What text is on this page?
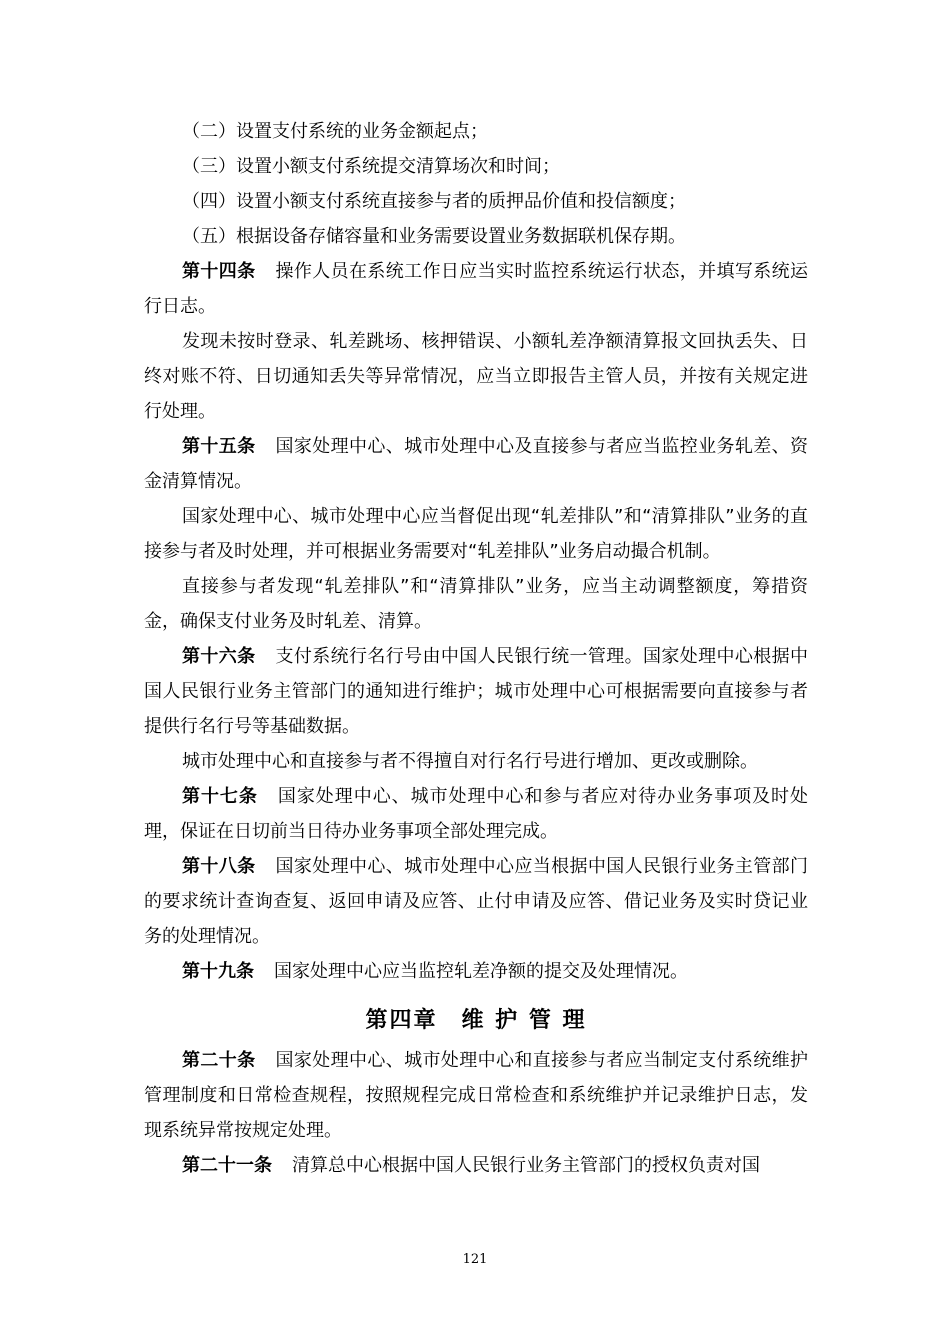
（二）设置支付系统的业务金额起点；

（三）设置小额支付系统提交清算场次和时间；

（四）设置小额支付系统直接参与者的质押品价值和投信额度；

（五）根据设备存储容量和业务需要设置业务数据联机保存期。

第十四条 操作人员在系统工作日应当实时监控系统运行状态，并填写系统运行日志。

发现未按时登录、轧差跳场、核押错误、小额轧差净额清算报文回执丢失、日终对账不符、日切通知丢失等异常情况，应当立即报告主管人员，并按有关规定进行处理。

第十五条 国家处理中心、城市处理中心及直接参与者应当监控业务轧差、资金清算情况。

国家处理中心、城市处理中心应当督促出现“轧差排队”和“清算排队”业务的直接参与者及时处理，并可根据业务需要对“轧差排队”业务启动撮合机制。

直接参与者发现“轧差排队”和“清算排队”业务，应当主动调整额度，筹措资金，确保支付业务及时轧差、清算。

第十六条 支付系统行名行号由中国人民银行统一管理。国家处理中心根据中国人民银行业务主管部门的通知进行维护；城市处理中心可根据需要向直接参与者提供行名行号等基础数据。

城市处理中心和直接参与者不得擅自对行名行号进行增加、更改或删除。

第十七条 国家处理中心、城市处理中心和参与者应对待办业务事项及时处理，保证在日切前当日待办业务事项全部处理完成。

第十八条 国家处理中心、城市处理中心应当根据中国人民银行业务主管部门的要求统计查询查复、返回申请及应答、止付申请及应答、借记业务及实时贷记业务的处理情况。

第十九条 国家处理中心应当监控轧差净额的提交及处理情况。

第四章　维 护 管 理

第二十条 国家处理中心、城市处理中心和直接参与者应当制定支付系统维护管理制度和日常检查规程，按照规程完成日常检查和系统维护并记录维护日志，发现系统异常按规定处理。

第二十一条 清算总中心根据中国人民银行业务主管部门的授权负责对国

121
